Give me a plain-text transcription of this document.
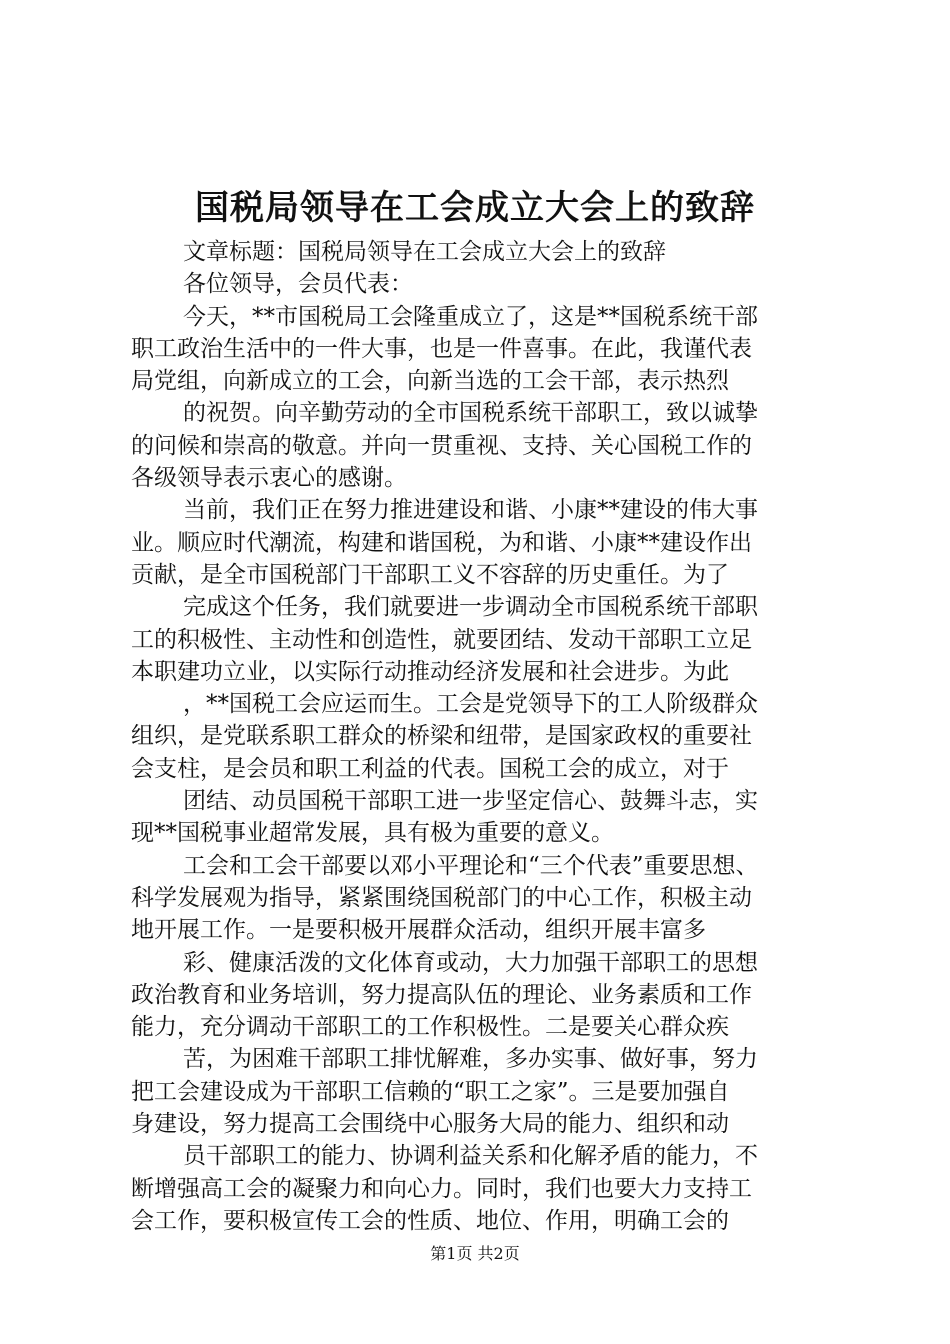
国税局领导在工会成立大会上的致辞
文章标题：国税局领导在工会成立大会上的致辞
各位领导，会员代表：
今天，**市国税局工会隆重成立了，这是**国税系统干部
职工政治生活中的一件大事，也是一件喜事。在此，我谨代表
局党组，向新成立的工会，向新当选的工会干部，表示热烈
的祝贺。向辛勤劳动的全市国税系统干部职工，致以诚挚
的问候和崇高的敬意。并向一贯重视、支持、关心国税工作的
各级领导表示衷心的感谢。
当前，我们正在努力推进建设和谐、小康**建设的伟大事
业。顺应时代潮流，构建和谐国税，为和谐、小康**建设作出
贡献，是全市国税部门干部职工义不容辞的历史重任。为了
完成这个任务，我们就要进一步调动全市国税系统干部职
工的积极性、主动性和创造性，就要团结、发动干部职工立足
本职建功立业，以实际行动推动经济发展和社会进步。为此
，**国税工会应运而生。工会是党领导下的工人阶级群众
组织，是党联系职工群众的桥梁和纽带，是国家政权的重要社
会支柱，是会员和职工利益的代表。国税工会的成立，对于
团结、动员国税干部职工进一步坚定信心、鼓舞斗志，实
现**国税事业超常发展，具有极为重要的意义。
工会和工会干部要以邓小平理论和“三个代表”重要思想、
科学发展观为指导，紧紧围绕国税部门的中心工作，积极主动
地开展工作。一是要积极开展群众活动，组织开展丰富多
彩、健康活泼的文化体育或动，大力加强干部职工的思想
政治教育和业务培训，努力提高队伍的理论、业务素质和工作
能力，充分调动干部职工的工作积极性。二是要关心群众疾
苦，为困难干部职工排忧解难，多办实事、做好事，努力
把工会建设成为干部职工信赖的“职工之家”。三是要加强自
身建设，努力提高工会围绕中心服务大局的能力、组织和动
员干部职工的能力、协调利益关系和化解矛盾的能力，不
断增强高工会的凝聚力和向心力。同时，我们也要大力支持工
会工作，要积极宣传工会的性质、地位、作用，明确工会的
第1页 共2页
